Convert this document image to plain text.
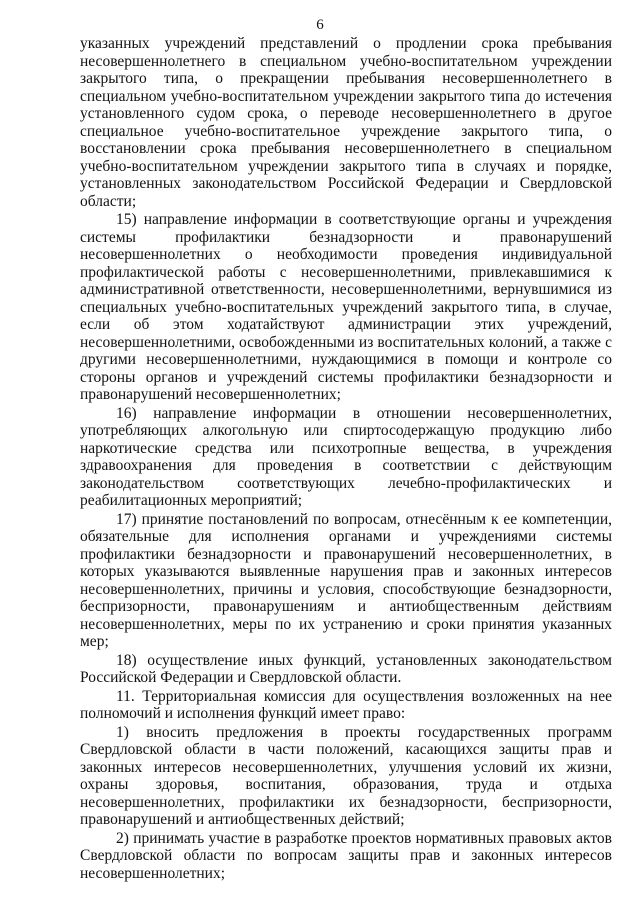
6

указанных учреждений представлений о продлении срока пребывания несовершеннолетнего в специальном учебно-воспитательном учреждении закрытого типа, о прекращении пребывания несовершеннолетнего в специальном учебно-воспитательном учреждении закрытого типа до истечения установленного судом срока, о переводе несовершеннолетнего в другое специальное учебно-воспитательное учреждение закрытого типа, о восстановлении срока пребывания несовершеннолетнего в специальном учебно-воспитательном учреждении закрытого типа в случаях и порядке, установленных законодательством Российской Федерации и Свердловской области;

15) направление информации в соответствующие органы и учреждения системы профилактики безнадзорности и правонарушений несовершеннолетних о необходимости проведения индивидуальной профилактической работы с несовершеннолетними, привлекавшимися к административной ответственности, несовершеннолетними, вернувшимися из специальных учебно-воспитательных учреждений закрытого типа, в случае, если об этом ходатайствуют администрации этих учреждений, несовершеннолетними, освобожденными из воспитательных колоний, а также с другими несовершеннолетними, нуждающимися в помощи и контроле со стороны органов и учреждений системы профилактики безнадзорности и правонарушений несовершеннолетних;

16) направление информации в отношении несовершеннолетних, употребляющих алкогольную или спиртосодержащую продукцию либо наркотические средства или психотропные вещества, в учреждения здравоохранения для проведения в соответствии с действующим законодательством соответствующих лечебно-профилактических и реабилитационных мероприятий;

17) принятие постановлений по вопросам, отнесённым к ее компетенции, обязательные для исполнения органами и учреждениями системы профилактики безнадзорности и правонарушений несовершеннолетних, в которых указываются выявленные нарушения прав и законных интересов несовершеннолетних, причины и условия, способствующие безнадзорности, беспризорности, правонарушениям и антиобщественным действиям несовершеннолетних, меры по их устранению и сроки принятия указанных мер;

18) осуществление иных функций, установленных законодательством Российской Федерации и Свердловской области.

11. Территориальная комиссия для осуществления возложенных на нее полномочий и исполнения функций имеет право:

1) вносить предложения в проекты государственных программ Свердловской области в части положений, касающихся защиты прав и законных интересов несовершеннолетних, улучшения условий их жизни, охраны здоровья, воспитания, образования, труда и отдыха несовершеннолетних, профилактики их безнадзорности, беспризорности, правонарушений и антиобщественных действий;

2) принимать участие в разработке проектов нормативных правовых актов Свердловской области по вопросам защиты прав и законных интересов несовершеннолетних;
